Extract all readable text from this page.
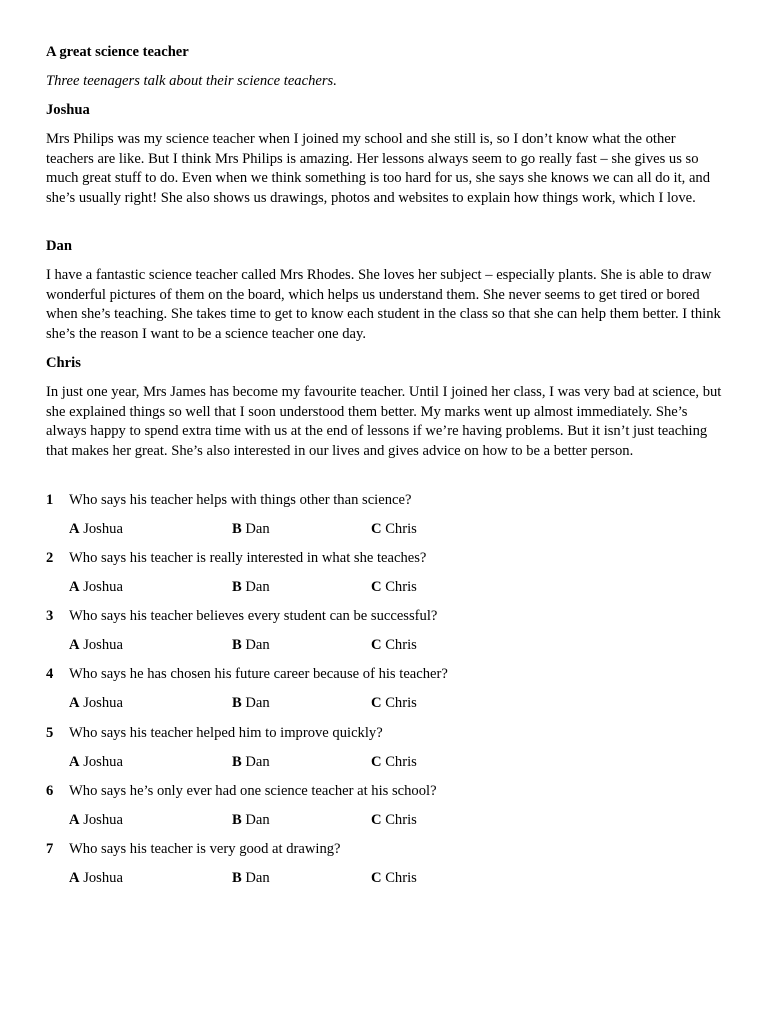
A great science teacher

Three teenagers talk about their science teachers.

Joshua

Mrs Philips was my science teacher when I joined my school and she still is, so I don’t know what the other teachers are like. But I think Mrs Philips is amazing. Her lessons always seem to go really fast – she gives us so much great stuff to do. Even when we think something is too hard for us, she says she knows we can all do it, and she’s usually right! She also shows us drawings, photos and websites to explain how things work, which I love.

Dan

I have a fantastic science teacher called Mrs Rhodes. She loves her subject – especially plants. She is able to draw wonderful pictures of them on the board, which helps us understand them. She never seems to get tired or bored when she’s teaching. She takes time to get to know each student in the class so that she can help them better. I think she’s the reason I want to be a science teacher one day.

Chris

In just one year, Mrs James has become my favourite teacher. Until I joined her class, I was very bad at science, but she explained things so well that I soon understood them better. My marks went up almost immediately. She’s always happy to spend extra time with us at the end of lessons if we’re having problems. But it isn’t just teaching that makes her great. She’s also interested in our lives and gives advice on how to be a better person.

1 Who says his teacher helps with things other than science?
A Joshua	B Dan	C Chris
2 Who says his teacher is really interested in what she teaches?
A Joshua	B Dan	C Chris
3 Who says his teacher believes every student can be successful?
A Joshua	B Dan	C Chris
4 Who says he has chosen his future career because of his teacher?
A Joshua	B Dan	C Chris
5 Who says his teacher helped him to improve quickly?
A Joshua	B Dan	C Chris
6 Who says he’s only ever had one science teacher at his school?
A Joshua	B Dan	C Chris
7 Who says his teacher is very good at drawing?
A Joshua	B Dan	C Chris
